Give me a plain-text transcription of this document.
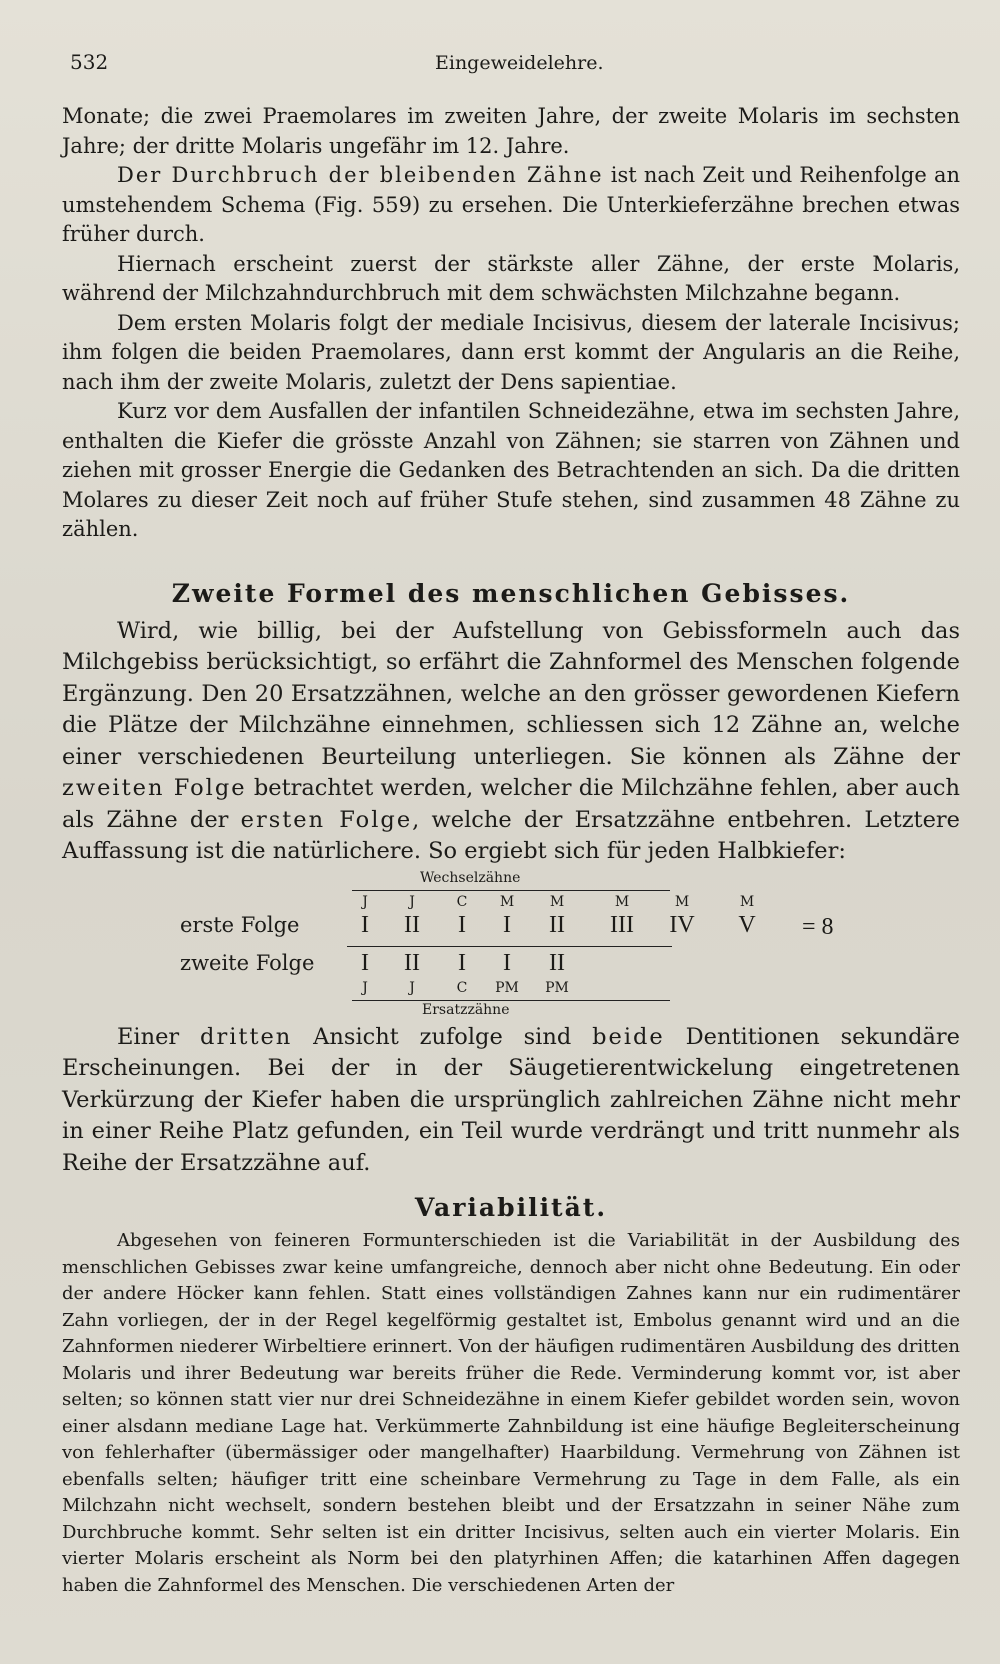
532	Eingeweidelehre.

Monate; die zwei Praemolares im zweiten Jahre, der zweite Molaris im sechsten Jahre; der dritte Molaris ungefähr im 12. Jahre.

Der Durchbruch der bleibenden Zähne ist nach Zeit und Reihenfolge an umstehendem Schema (Fig. 559) zu ersehen. Die Unterkieferzähne brechen etwas früher durch.

Hiernach erscheint zuerst der stärkste aller Zähne, der erste Molaris, während der Milchzahndurchbruch mit dem schwächsten Milchzahne begann.

Dem ersten Molaris folgt der mediale Incisivus, diesem der laterale Incisivus; ihm folgen die beiden Praemolares, dann erst kommt der Angularis an die Reihe, nach ihm der zweite Molaris, zuletzt der Dens sapientiae.

Kurz vor dem Ausfallen der infantilen Schneidezähne, etwa im sechsten Jahre, enthalten die Kiefer die grösste Anzahl von Zähnen; sie starren von Zähnen und ziehen mit grosser Energie die Gedanken des Betrachtenden an sich. Da die dritten Molares zu dieser Zeit noch auf früher Stufe stehen, sind zusammen 48 Zähne zu zählen.

Zweite Formel des menschlichen Gebisses.

Wird, wie billig, bei der Aufstellung von Gebissformeln auch das Milchgebiss berücksichtigt, so erfährt die Zahnformel des Menschen folgende Ergänzung. Den 20 Ersatzzähnen, welche an den grösser gewordenen Kiefern die Plätze der Milchzähne einnehmen, schliessen sich 12 Zähne an, welche einer verschiedenen Beurteilung unterliegen. Sie können als Zähne der zweiten Folge betrachtet werden, welcher die Milchzähne fehlen, aber auch als Zähne der ersten Folge, welche der Ersatzzähne entbehren. Letztere Auffassung ist die natürlichere. So ergiebt sich für jeden Halbkiefer:

Wechselzähne
erste Folge
zweite Folge
J
I
J
II
C
I
M
I
M
II
M
III
M
IV
M
V	= 8
I
J
II
J
I
C
I
PM
II
PM
Ersatzzähne

Einer dritten Ansicht zufolge sind beide Dentitionen sekundäre Erscheinungen. Bei der in der Säugetierentwickelung eingetretenen Verkürzung der Kiefer haben die ursprünglich zahlreichen Zähne nicht mehr in einer Reihe Platz gefunden, ein Teil wurde verdrängt und tritt nunmehr als Reihe der Ersatzzähne auf.

Variabilität.

Abgesehen von feineren Formunterschieden ist die Variabilität in der Ausbildung des menschlichen Gebisses zwar keine umfangreiche, dennoch aber nicht ohne Bedeutung. Ein oder der andere Höcker kann fehlen. Statt eines vollständigen Zahnes kann nur ein rudimentärer Zahn vorliegen, der in der Regel kegelförmig gestaltet ist, Embolus genannt wird und an die Zahnformen niederer Wirbeltiere erinnert. Von der häufigen rudimentären Ausbildung des dritten Molaris und ihrer Bedeutung war bereits früher die Rede. Verminderung kommt vor, ist aber selten; so können statt vier nur drei Schneidezähne in einem Kiefer gebildet worden sein, wovon einer alsdann mediane Lage hat. Verkümmerte Zahnbildung ist eine häufige Begleiterscheinung von fehlerhafter (übermässiger oder mangelhafter) Haarbildung. Vermehrung von Zähnen ist ebenfalls selten; häufiger tritt eine scheinbare Vermehrung zu Tage in dem Falle, als ein Milchzahn nicht wechselt, sondern bestehen bleibt und der Ersatzzahn in seiner Nähe zum Durchbruche kommt. Sehr selten ist ein dritter Incisivus, selten auch ein vierter Molaris. Ein vierter Molaris erscheint als Norm bei den platyrhinen Affen; die katarhinen Affen dagegen haben die Zahnformel des Menschen. Die verschiedenen Arten der
